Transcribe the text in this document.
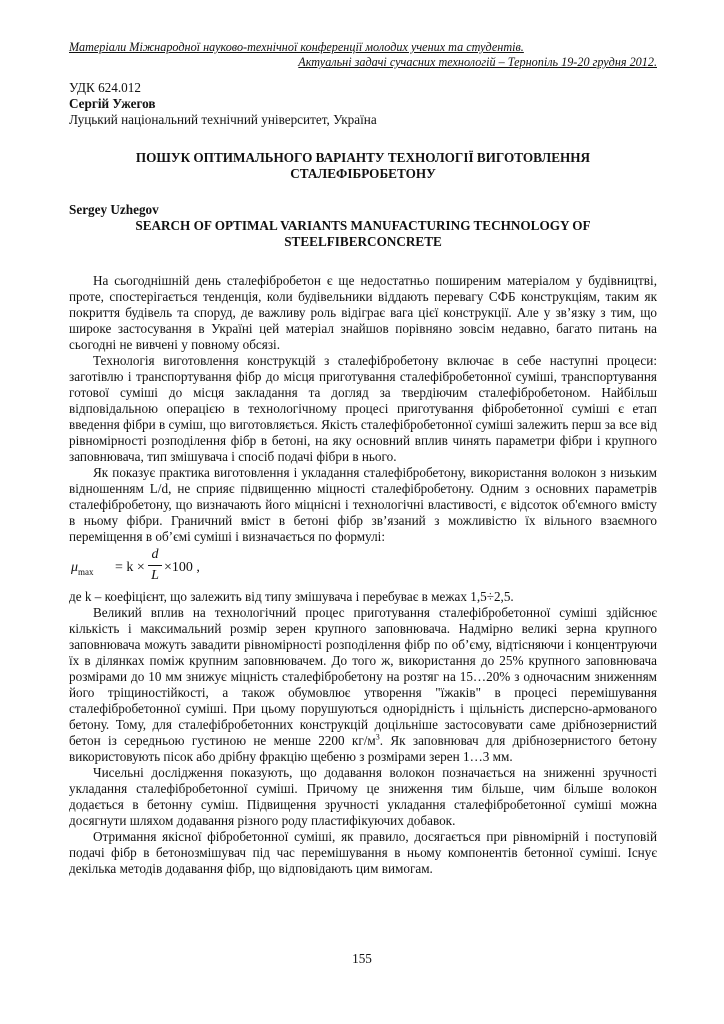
Матеріали Міжнародної науково-технічної конференції молодих учених та студентів.
Актуальні задачі сучасних технологій – Тернопіль 19-20 грудня 2012.
УДК 624.012
Сергій Ужегов
Луцький національний технічний університет, Україна
ПОШУК ОПТИМАЛЬНОГО ВАРІАНТУ ТЕХНОЛОГІЇ ВИГОТОВЛЕННЯ
СТАЛЕФІБРОБЕТОНУ
Sergey Uzhegov
SEARCH OF OPTIMAL VARIANTS MANUFACTURING TECHNOLOGY OF
STEELFIBERCONCRETE

На сьогоднішній день сталефібробетон є ще недостатньо поширеним матеріалом у будівництві, проте, спостерігається тенденція, коли будівельники віддають перевагу СФБ конструкціям, таким як покриття будівель та споруд, де важливу роль відіграє вага цієї конструкції. Але у зв’язку з тим, що широке застосування в Україні цей матеріал знайшов порівняно зовсім недавно, багато питань на сьогодні не вивчені у повному обсязі.

Технологія виготовлення конструкцій з сталефібробетону включає в себе наступні процеси: заготівлю і транспортування фібр до місця приготування сталефібробетонної суміші, транспортування готової суміші до місця закладання та догляд за твердіючим сталефібробетоном. Найбільш відповідальною операцією в технологічному процесі приготування фібробетонної суміші є етап введення фібри в суміш, що виготовляється. Якість сталефібробетонної суміші залежить перш за все від рівномірності розподілення фібр в бетоні, на яку основний вплив чинять параметри фібри і крупного заповнювача, тип змішувача і спосіб подачі фібри в нього.

Як показує практика виготовлення і укладання сталефібробетону, використання волокон з низьким відношенням L/d, не сприяє підвищенню міцності сталефібробетону. Одним з основних параметрів сталефібробетону, що визначають його міцнісні і технологічні властивості, є відсоток об'ємного вмісту в ньому фібри. Граничний вміст в бетоні фібр зв’язаний з можливістю їх вільного взаємного переміщення в об’ємі суміші і визначається по формулі:

$\mu_{max} = k$ ×
d
L
×100 ,

де k – коефіцієнт, що залежить від типу змішувача і перебуває в межах 1,5÷2,5.

Великий вплив на технологічний процес приготування сталефібробетонної суміші здійснює кількість і максимальний розмір зерен крупного заповнювача. Надмірно великі зерна крупного заповнювача можуть завадити рівномірності розподілення фібр по об’єму, відтісняючи і концентруючи їх в ділянках поміж крупним заповнювачем. До того ж, використання до 25% крупного заповнювача розмірами до 10 мм знижує міцність сталефібробетону на розтяг на 15…20% з одночасним зниженням його тріщиностійкості, а також обумовлює утворення "їжаків" в процесі перемішування сталефібробетонної суміші. При цьому порушуються однорідність і щільність дисперсно-армованого бетону. Тому, для сталефібробетонних конструкцій доцільніше застосовувати саме дрібнозернистий бетон із середньою густиною не менше 2200 $кг/м^3$. Як заповнювач для дрібнозернистого бетону використовують пісок або дрібну фракцію щебеню з розмірами зерен 1…3 мм.

Чисельні дослідження показують, що додавання волокон позначається на зниженні зручності укладання сталефібробетонної суміші. Причому це зниження тим більше, чим більше волокон додається в бетонну суміш. Підвищення зручності укладання сталефібробетонної суміші можна досягнути шляхом додавання різного роду пластифікуючих добавок.

Отримання якісної фібробетонної суміші, як правило, досягається при рівномірній і поступовій подачі фібр в бетонозмішувач під час перемішування в ньому компонентів бетонної суміші. Існує декілька методів додавання фібр, що відповідають цим вимогам.

155
